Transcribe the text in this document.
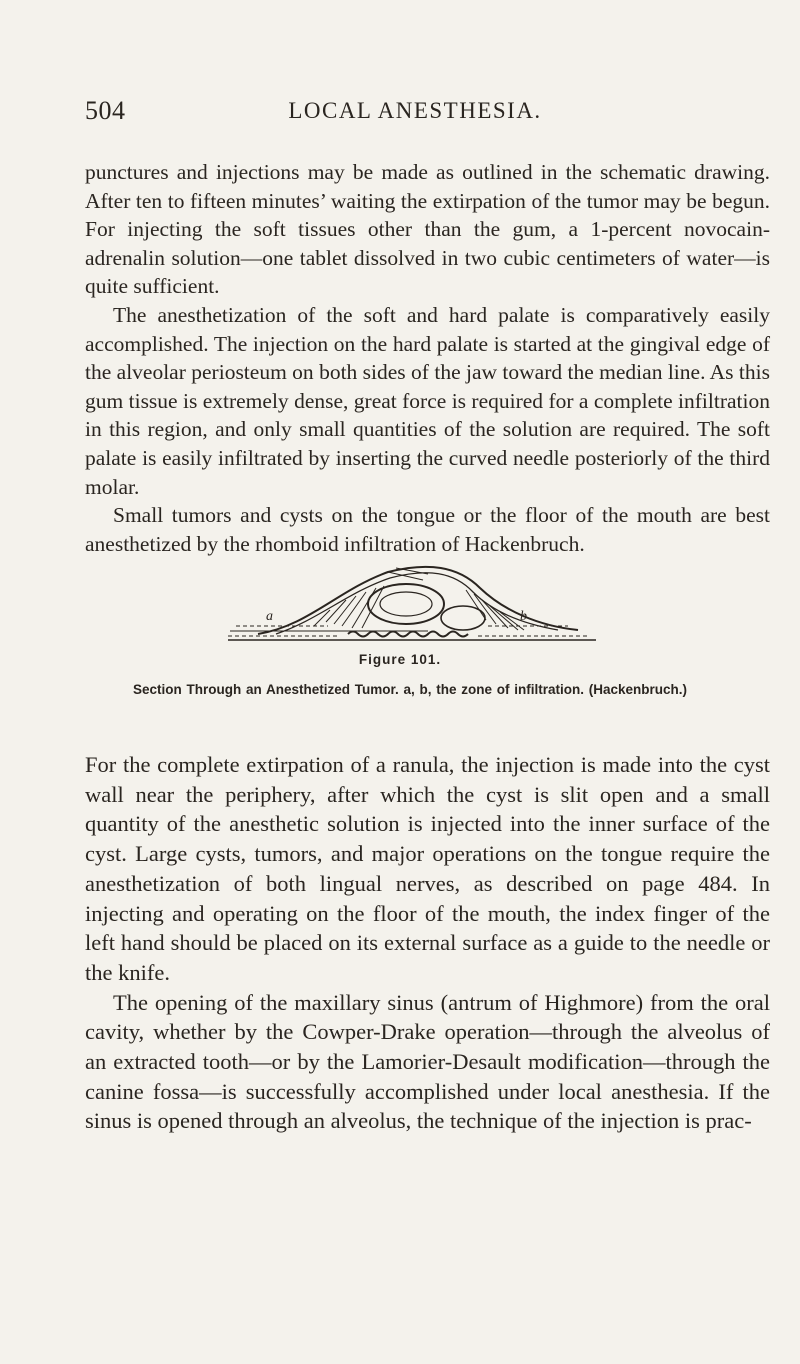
504	LOCAL ANESTHESIA.

punctures and injections may be made as outlined in the schematic drawing. After ten to fifteen minutes’ waiting the extirpation of the tumor may be begun. For injecting the soft tissues other than the gum, a 1-percent novocain-adrenalin solution—one tablet dissolved in two cubic centimeters of water—is quite sufficient.

The anesthetization of the soft and hard palate is comparatively easily accomplished. The injection on the hard palate is started at the gingival edge of the alveolar periosteum on both sides of the jaw toward the median line. As this gum tissue is extremely dense, great force is required for a complete infiltration in this region, and only small quantities of the solution are required. The soft palate is easily infiltrated by inserting the curved needle posteriorly of the third molar.

Small tumors and cysts on the tongue or the floor of the mouth are best anesthetized by the rhomboid infiltration of Hackenbruch.

a	b
Figure 101.
Section Through an Anesthetized Tumor. a, b, the zone of infiltration. (Hackenbruch.)

For the complete extirpation of a ranula, the injection is made into the cyst wall near the periphery, after which the cyst is slit open and a small quantity of the anesthetic solution is injected into the inner surface of the cyst. Large cysts, tumors, and major operations on the tongue require the anesthetization of both lingual nerves, as described on page 484. In injecting and operating on the floor of the mouth, the index finger of the left hand should be placed on its external surface as a guide to the needle or the knife.

The opening of the maxillary sinus (antrum of Highmore) from the oral cavity, whether by the Cowper-Drake operation—through the alveolus of an extracted tooth—or by the Lamorier-Desault modification—through the canine fossa—is successfully accomplished under local anesthesia. If the sinus is opened through an alveolus, the technique of the injection is prac-
